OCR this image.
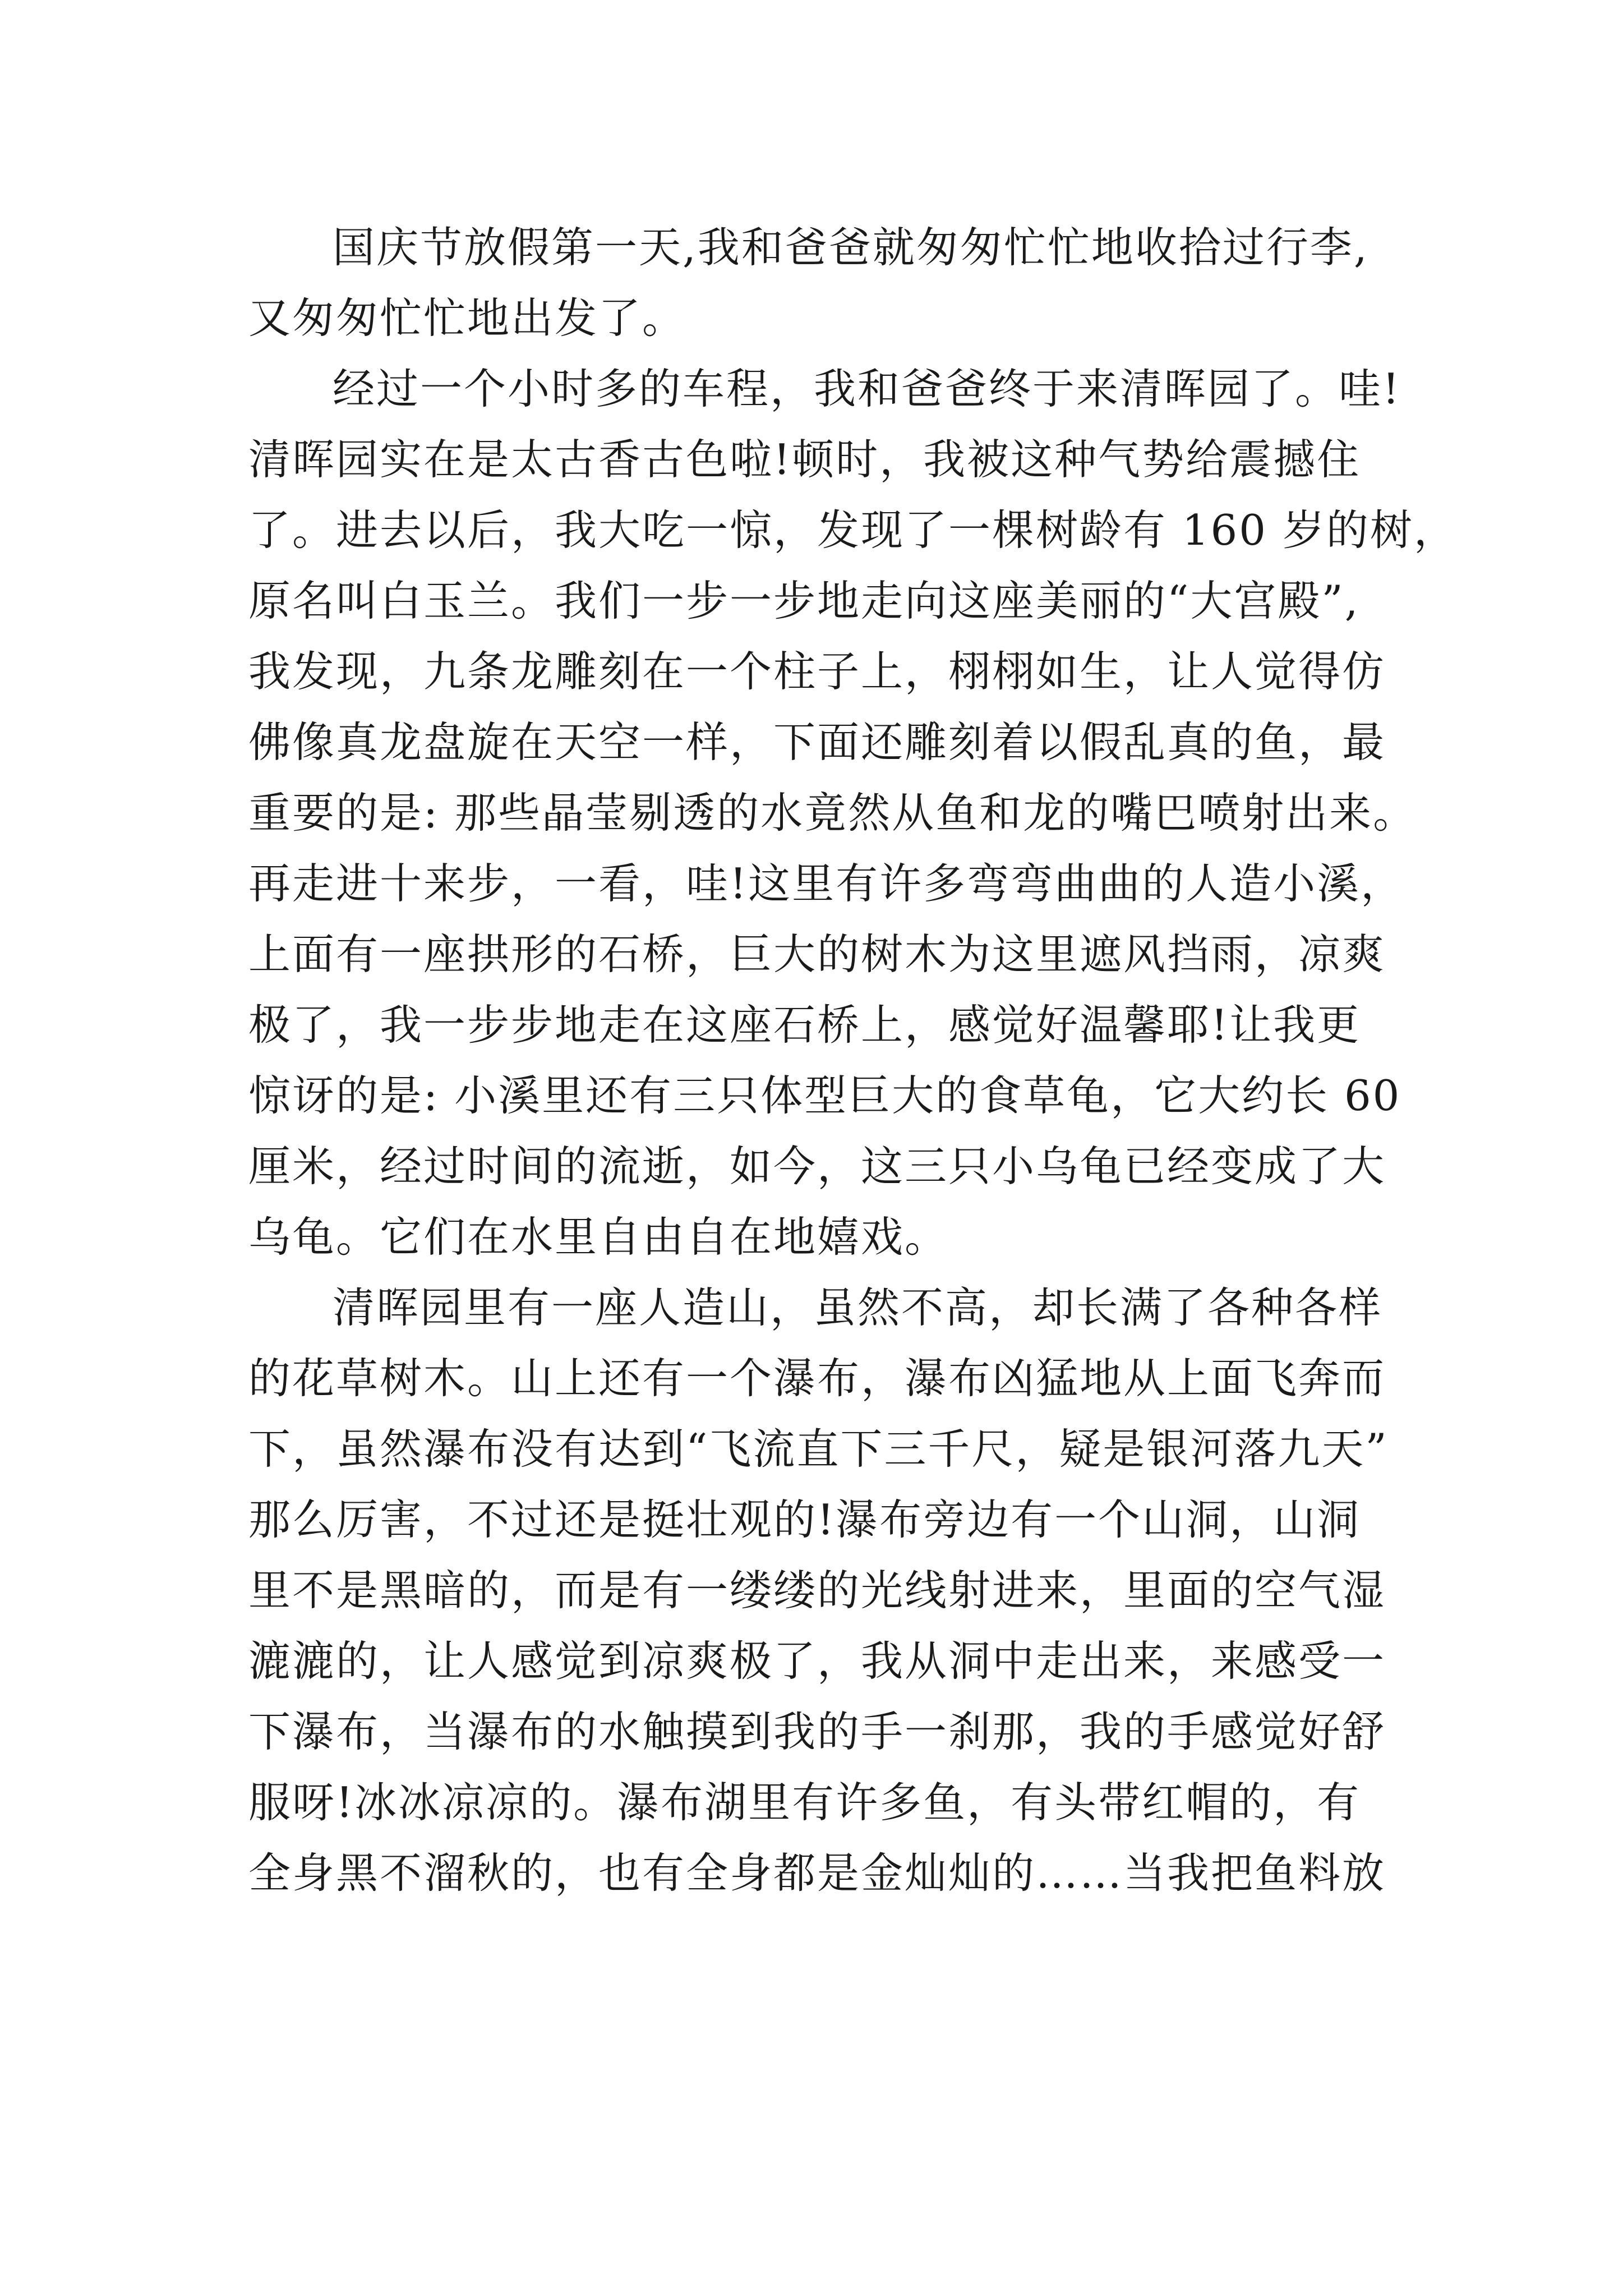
国庆节放假第一天,我和爸爸就匆匆忙忙地收拾过行李,
又匆匆忙忙地出发了。
经过一个小时多的车程，我和爸爸终于来清晖园了。哇!
清晖园实在是太古香古色啦!顿时，我被这种气势给震撼住
了。进去以后，我大吃一惊，发现了一棵树龄有 160 岁的树，
原名叫白玉兰。我们一步一步地走向这座美丽的“大宫殿”,
我发现，九条龙雕刻在一个柱子上，栩栩如生，让人觉得仿
佛像真龙盘旋在天空一样，下面还雕刻着以假乱真的鱼，最
重要的是: 那些晶莹剔透的水竟然从鱼和龙的嘴巴喷射出来。
再走进十来步，一看，哇!这里有许多弯弯曲曲的人造小溪，
上面有一座拱形的石桥，巨大的树木为这里遮风挡雨，凉爽
极了，我一步步地走在这座石桥上，感觉好温馨耶!让我更
惊讶的是: 小溪里还有三只体型巨大的食草龟，它大约长 60
厘米，经过时间的流逝，如今，这三只小乌龟已经变成了大
乌龟。它们在水里自由自在地嬉戏。
清晖园里有一座人造山，虽然不高，却长满了各种各样
的花草树木。山上还有一个瀑布，瀑布凶猛地从上面飞奔而
下，虽然瀑布没有达到“飞流直下三千尺，疑是银河落九天”
那么厉害，不过还是挺壮观的!瀑布旁边有一个山洞，山洞
里不是黑暗的，而是有一缕缕的光线射进来，里面的空气湿
漉漉的，让人感觉到凉爽极了，我从洞中走出来，来感受一
下瀑布，当瀑布的水触摸到我的手一刹那，我的手感觉好舒
服呀!冰冰凉凉的。瀑布湖里有许多鱼，有头带红帽的，有
全身黑不溜秋的，也有全身都是金灿灿的……当我把鱼料放
